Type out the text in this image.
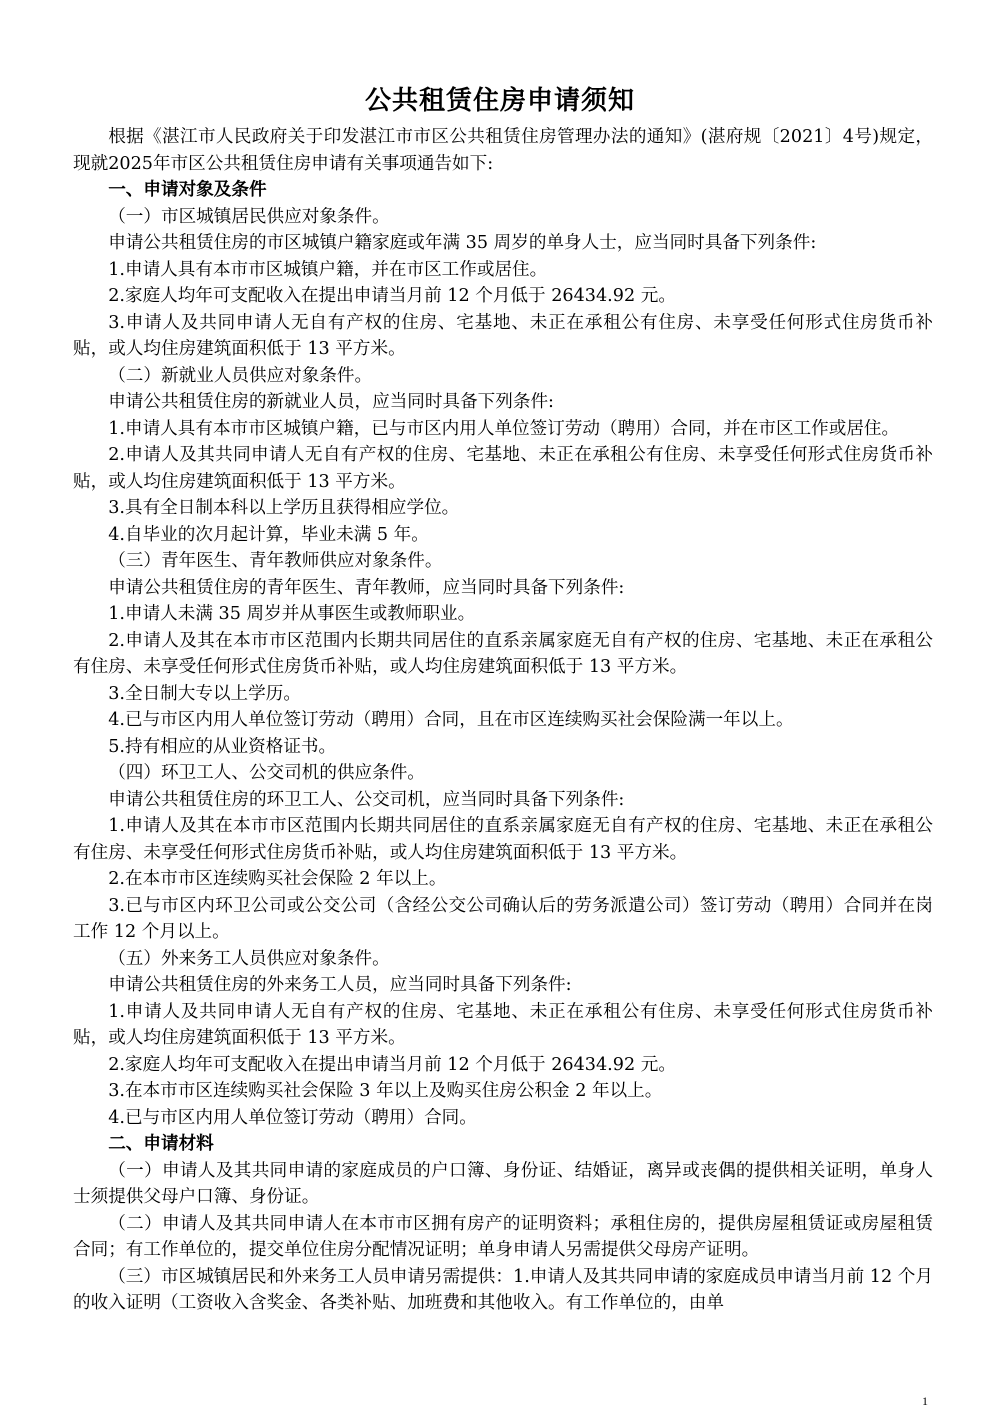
公共租赁住房申请须知

根据《湛江市人民政府关于印发湛江市市区公共租赁住房管理办法的通知》(湛府规〔2021〕4号)规定，现就2025年市区公共租赁住房申请有关事项通告如下:

一、申请对象及条件

（一）市区城镇居民供应对象条件。

申请公共租赁住房的市区城镇户籍家庭或年满 35 周岁的单身人士，应当同时具备下列条件:

1.申请人具有本市市区城镇户籍，并在市区工作或居住。

2.家庭人均年可支配收入在提出申请当月前 12 个月低于 26434.92 元。

3.申请人及共同申请人无自有产权的住房、宅基地、未正在承租公有住房、未享受任何形式住房货币补贴，或人均住房建筑面积低于 13 平方米。

（二）新就业人员供应对象条件。

申请公共租赁住房的新就业人员，应当同时具备下列条件:

1.申请人具有本市市区城镇户籍，已与市区内用人单位签订劳动（聘用）合同，并在市区工作或居住。

2.申请人及其共同申请人无自有产权的住房、宅基地、未正在承租公有住房、未享受任何形式住房货币补贴，或人均住房建筑面积低于 13 平方米。

3.具有全日制本科以上学历且获得相应学位。

4.自毕业的次月起计算，毕业未满 5 年。

（三）青年医生、青年教师供应对象条件。

申请公共租赁住房的青年医生、青年教师，应当同时具备下列条件:

1.申请人未满 35 周岁并从事医生或教师职业。

2.申请人及其在本市市区范围内长期共同居住的直系亲属家庭无自有产权的住房、宅基地、未正在承租公有住房、未享受任何形式住房货币补贴，或人均住房建筑面积低于 13 平方米。

3.全日制大专以上学历。

4.已与市区内用人单位签订劳动（聘用）合同，且在市区连续购买社会保险满一年以上。

5.持有相应的从业资格证书。

（四）环卫工人、公交司机的供应条件。

申请公共租赁住房的环卫工人、公交司机，应当同时具备下列条件:

1.申请人及其在本市市区范围内长期共同居住的直系亲属家庭无自有产权的住房、宅基地、未正在承租公有住房、未享受任何形式住房货币补贴，或人均住房建筑面积低于 13 平方米。

2.在本市市区连续购买社会保险 2 年以上。

3.已与市区内环卫公司或公交公司（含经公交公司确认后的劳务派遣公司）签订劳动（聘用）合同并在岗工作 12 个月以上。

（五）外来务工人员供应对象条件。

申请公共租赁住房的外来务工人员，应当同时具备下列条件:

1.申请人及共同申请人无自有产权的住房、宅基地、未正在承租公有住房、未享受任何形式住房货币补贴，或人均住房建筑面积低于 13 平方米。

2.家庭人均年可支配收入在提出申请当月前 12 个月低于 26434.92 元。

3.在本市市区连续购买社会保险 3 年以上及购买住房公积金 2 年以上。

4.已与市区内用人单位签订劳动（聘用）合同。

二、申请材料

（一）申请人及其共同申请的家庭成员的户口簿、身份证、结婚证，离异或丧偶的提供相关证明，单身人士须提供父母户口簿、身份证。

（二）申请人及其共同申请人在本市市区拥有房产的证明资料；承租住房的，提供房屋租赁证或房屋租赁合同；有工作单位的，提交单位住房分配情况证明；单身申请人另需提供父母房产证明。

（三）市区城镇居民和外来务工人员申请另需提供：1.申请人及其共同申请的家庭成员申请当月前 12 个月的收入证明（工资收入含奖金、各类补贴、加班费和其他收入。有工作单位的，由单

1
